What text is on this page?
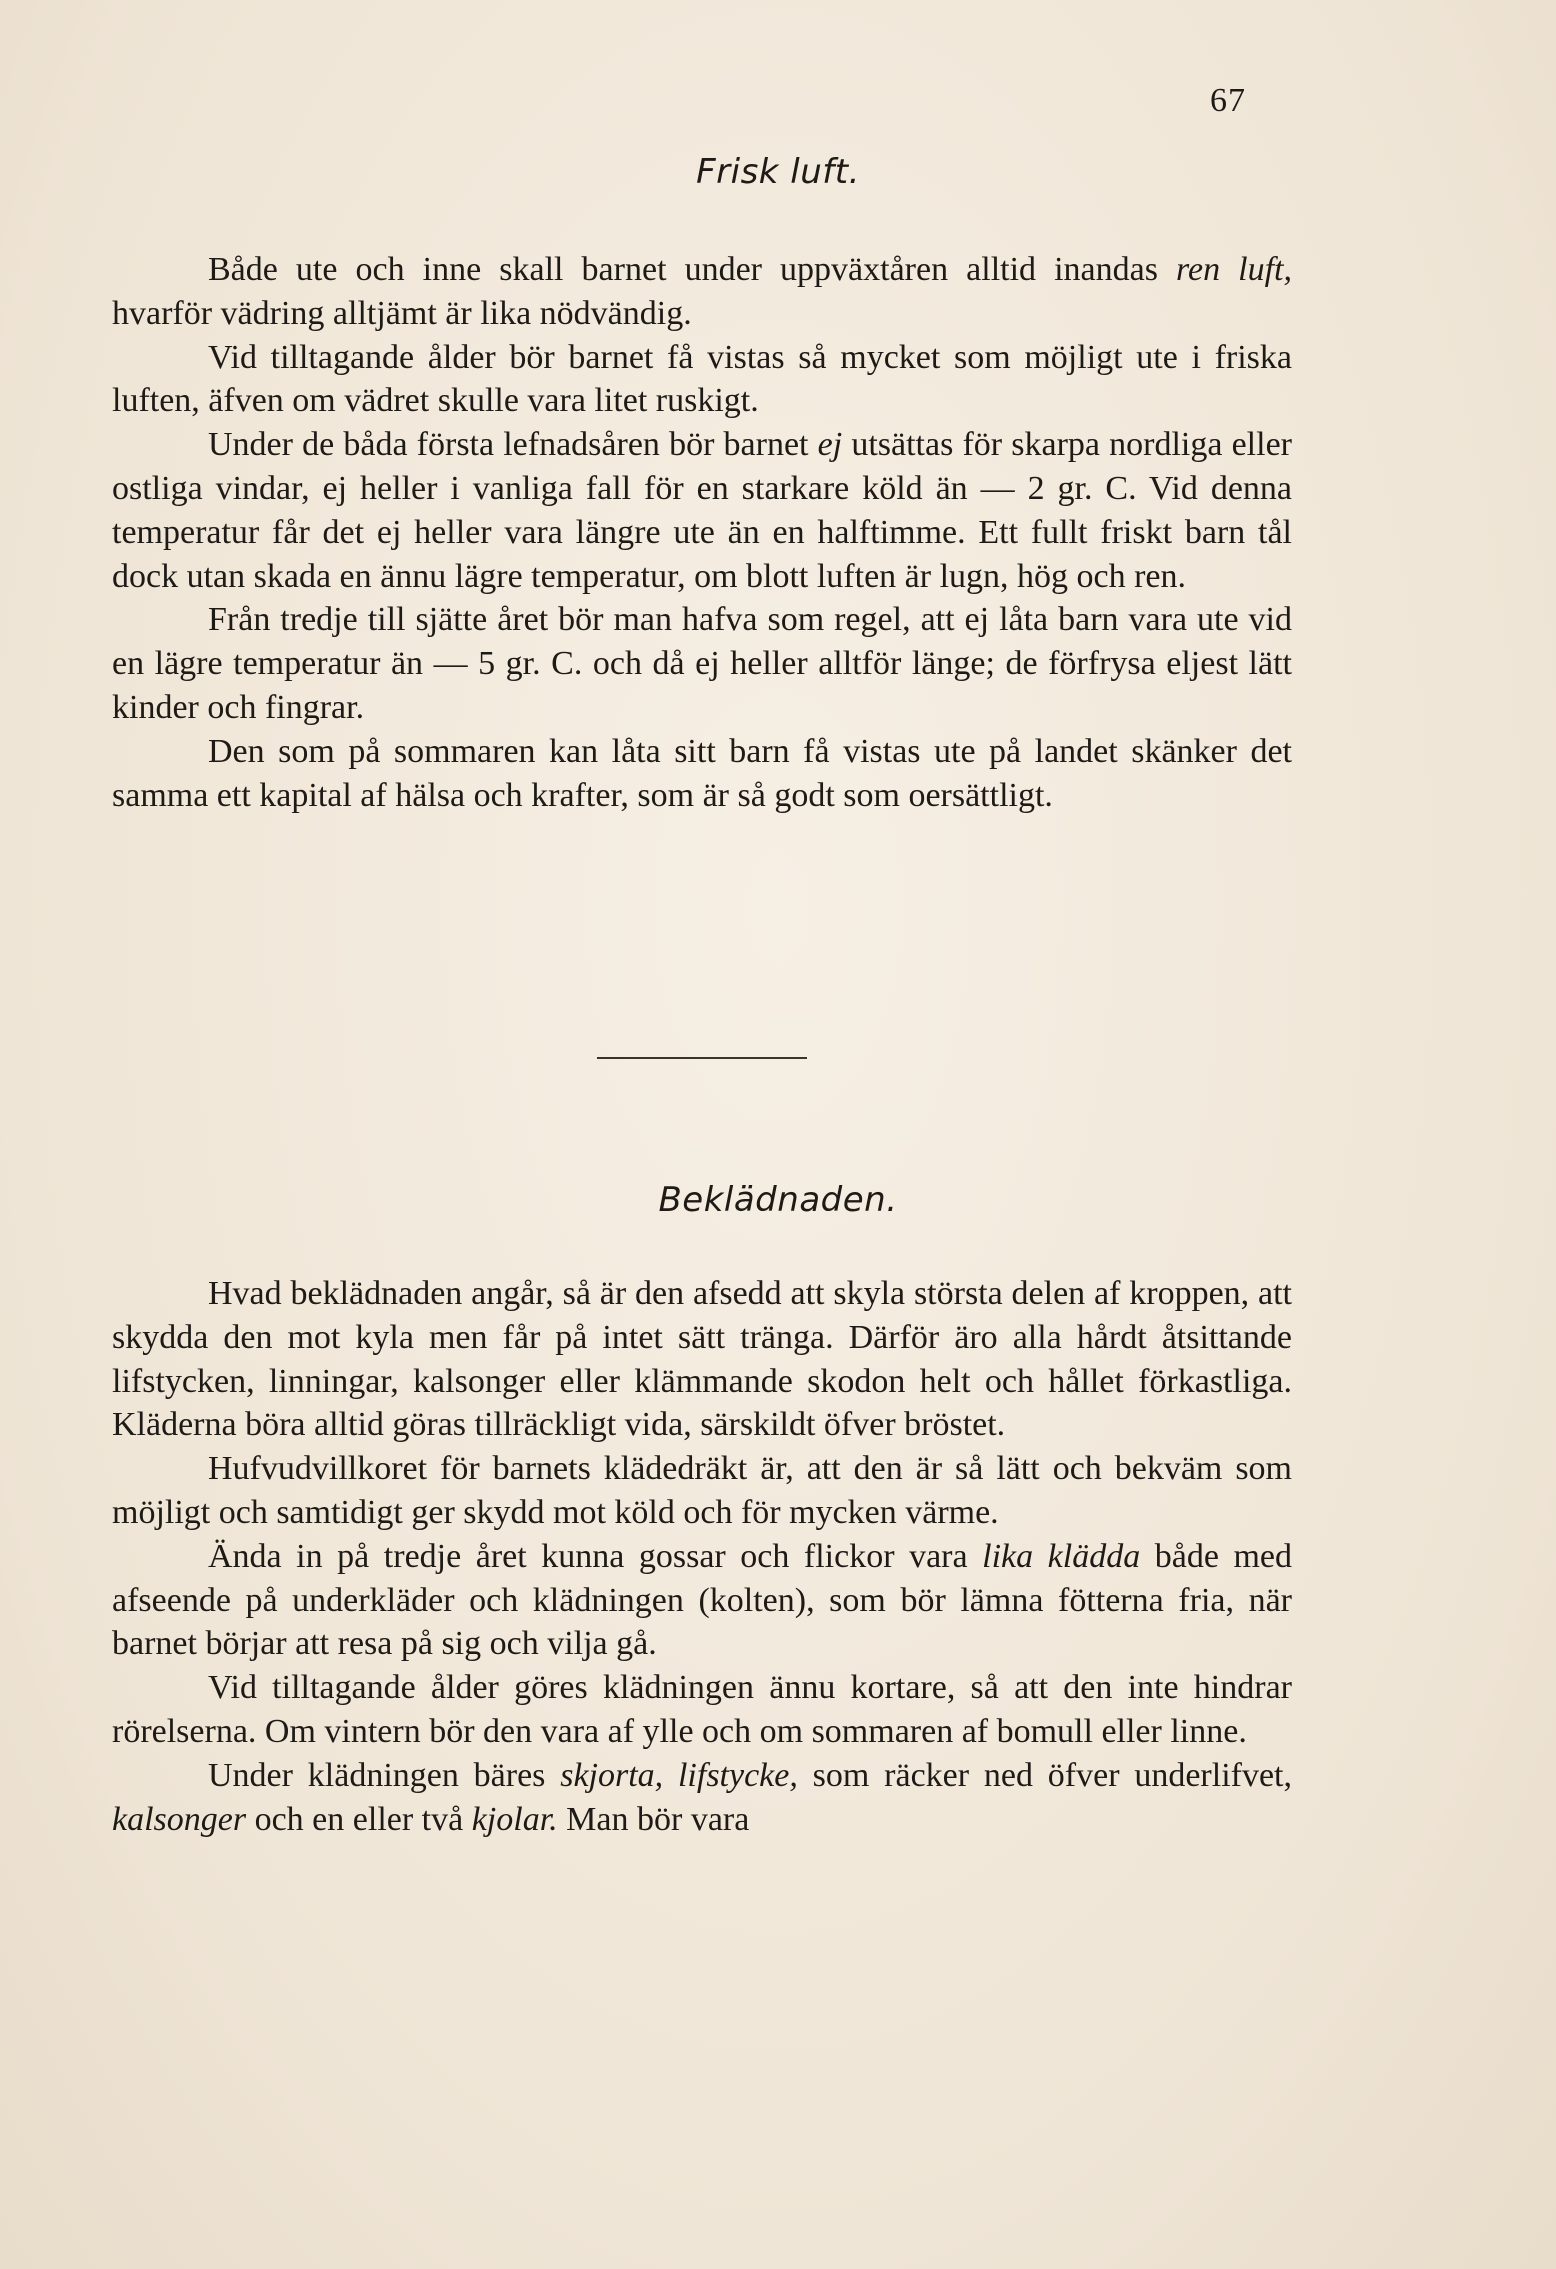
67
Frisk luft.

Både ute och inne skall barnet under uppväxtåren alltid inandas ren luft, hvarför vädring alltjämt är lika nödvändig.

Vid tilltagande ålder bör barnet få vistas så mycket som möjligt ute i friska luften, äfven om vädret skulle vara litet ruskigt.

Under de båda första lefnadsåren bör barnet ej utsättas för skarpa nordliga eller ostliga vindar, ej heller i vanliga fall för en starkare köld än — 2 gr. C. Vid denna temperatur får det ej heller vara längre ute än en halftimme. Ett fullt friskt barn tål dock utan skada en ännu lägre temperatur, om blott luften är lugn, hög och ren.

Från tredje till sjätte året bör man hafva som regel, att ej låta barn vara ute vid en lägre temperatur än — 5 gr. C. och då ej heller alltför länge; de förfrysa eljest lätt kinder och fingrar.

Den som på sommaren kan låta sitt barn få vistas ute på landet skänker det samma ett kapital af hälsa och krafter, som är så godt som oersättligt.

Beklädnaden.

Hvad beklädnaden angår, så är den afsedd att skyla största delen af kroppen, att skydda den mot kyla men får på intet sätt tränga. Därför äro alla hårdt åtsittande lifstycken, linningar, kalsonger eller klämmande skodon helt och hållet förkastliga. Kläderna böra alltid göras tillräckligt vida, särskildt öfver bröstet.

Hufvudvillkoret för barnets klädedräkt är, att den är så lätt och bekväm som möjligt och samtidigt ger skydd mot köld och för mycken värme.

Ända in på tredje året kunna gossar och flickor vara lika klädda både med afseende på underkläder och klädningen (kolten), som bör lämna fötterna fria, när barnet börjar att resa på sig och vilja gå.

Vid tilltagande ålder göres klädningen ännu kortare, så att den inte hindrar rörelserna. Om vintern bör den vara af ylle och om sommaren af bomull eller linne.

Under klädningen bäres skjorta, lifstycke, som räcker ned öfver underlifvet, kalsonger och en eller två kjolar. Man bör vara
